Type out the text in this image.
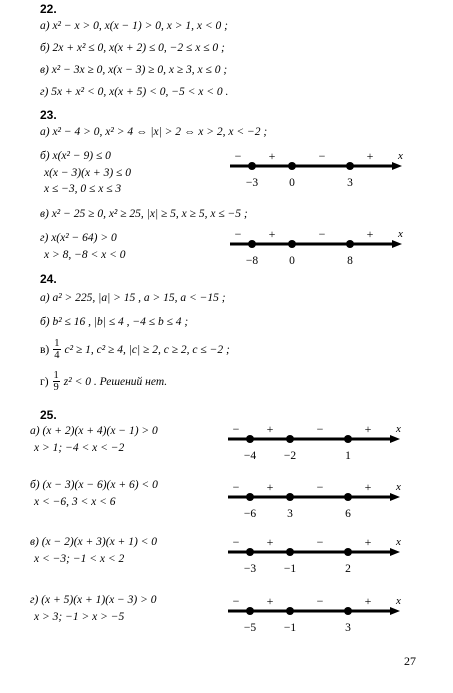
22.
а) x² − x > 0, x(x − 1) > 0, x > 1, x < 0 ;
б) 2x + x² ≤ 0, x(x + 2) ≤ 0, −2 ≤ x ≤ 0 ;
в) x² − 3x ≥ 0, x(x − 3) ≥ 0, x ≥ 3, x ≤ 0 ;
г) 5x + x² < 0, x(x + 5) < 0, −5 < x < 0 .
23.
а) x² − 4 > 0, x² > 4 ⇔ |x| > 2 ⇔ x > 2, x < −2 ;
б) x(x² − 9) ≤ 0
x(x − 3)(x + 3) ≤ 0
x ≤ −3, 0 ≤ x ≤ 3
x
− +	−	+
−3	0	3
в) x² − 25 ≥ 0, x² ≥ 25, |x| ≥ 5, x ≥ 5, x ≤ −5 ;
г) x(x² − 64) > 0
x > 8, −8 < x < 0
x
− +	−	+
−8	0	8
24.
а) a² > 225, |a| > 15 , a > 15, a < −15 ;
б) b² ≤ 16 , |b| ≤ 4 , −4 ≤ b ≤ 4 ;
$в) \frac{1}{4} c^2 \ge 1$, c² ≥ 4, |c| ≥ 2, c ≥ 2, c ≤ −2 ;
$г) \frac{1}{9} z^2 < 0$ . Решений нет.
25.
а) (x + 2)(x + 4)(x − 1) > 0
x > 1; −4 < x < −2
x
− +	−	+
−4 −2	1
б) (x − 3)(x − 6)(x + 6) < 0
x < −6, 3 < x < 6
x
− +	−	+
−6	3	6
в) (x − 2)(x + 3)(x + 1) < 0
x < −3; −1 < x < 2
x
− +	−	+
−3 −1	2
г) (x + 5)(x + 1)(x − 3) > 0
x > 3; −1 > x > −5
x
− +	−	+
−5 −1	3
27
